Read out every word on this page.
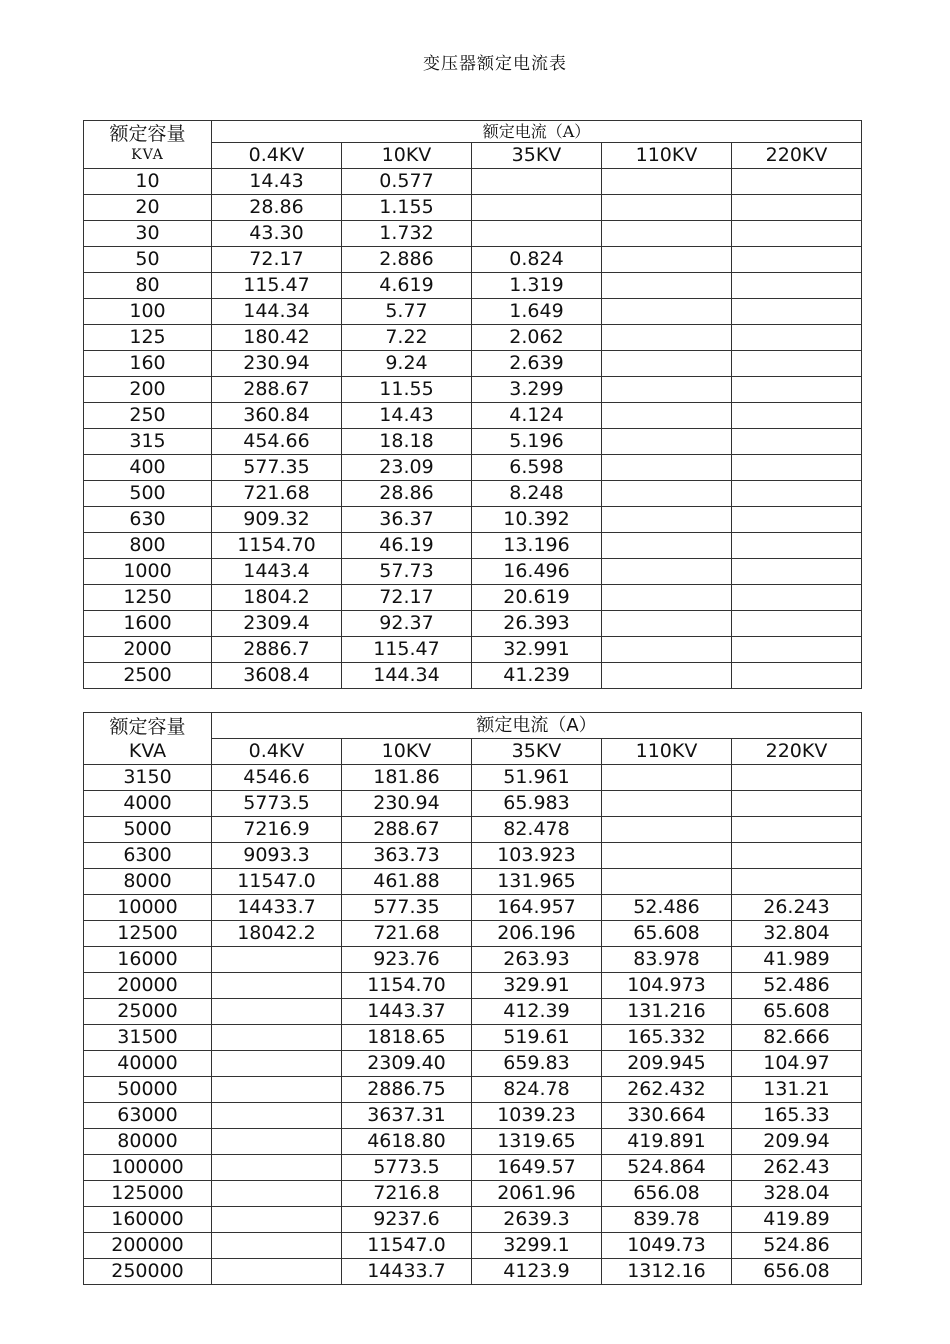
变压器额定电流表
额定容量
KVA	额定电流（A）				
	0.4KV	10KV	35KV	110KV	220KV
10	14.43	0.577			
20	28.86	1.155			
30	43.30	1.732			
50	72.17	2.886	0.824		
80	115.47	4.619	1.319		
100	144.34	5.77	1.649		
125	180.42	7.22	2.062		
160	230.94	9.24	2.639		
200	288.67	11.55	3.299		
250	360.84	14.43	4.124		
315	454.66	18.18	5.196		
400	577.35	23.09	6.598		
500	721.68	28.86	8.248		
630	909.32	36.37	10.392		
800	1154.70	46.19	13.196		
1000	1443.4	57.73	16.496		
1250	1804.2	72.17	20.619		
1600	2309.4	92.37	26.393		
2000	2886.7	115.47	32.991		
2500	3608.4	144.34	41.239		
额定容量
KVA	额定电流（A）				
	0.4KV	10KV	35KV	110KV	220KV
3150	4546.6	181.86	51.961		
4000	5773.5	230.94	65.983		
5000	7216.9	288.67	82.478		
6300	9093.3	363.73	103.923		
8000	11547.0	461.88	131.965		
10000	14433.7	577.35	164.957	52.486	26.243
12500	18042.2	721.68	206.196	65.608	32.804
16000		923.76	263.93	83.978	41.989
20000		1154.70	329.91	104.973	52.486
25000		1443.37	412.39	131.216	65.608
31500		1818.65	519.61	165.332	82.666
40000		2309.40	659.83	209.945	104.97
50000		2886.75	824.78	262.432	131.21
63000		3637.31	1039.23	330.664	165.33
80000		4618.80	1319.65	419.891	209.94
100000		5773.5	1649.57	524.864	262.43
125000		7216.8	2061.96	656.08	328.04
160000		9237.6	2639.3	839.78	419.89
200000		11547.0	3299.1	1049.73	524.86
250000		14433.7	4123.9	1312.16	656.08
